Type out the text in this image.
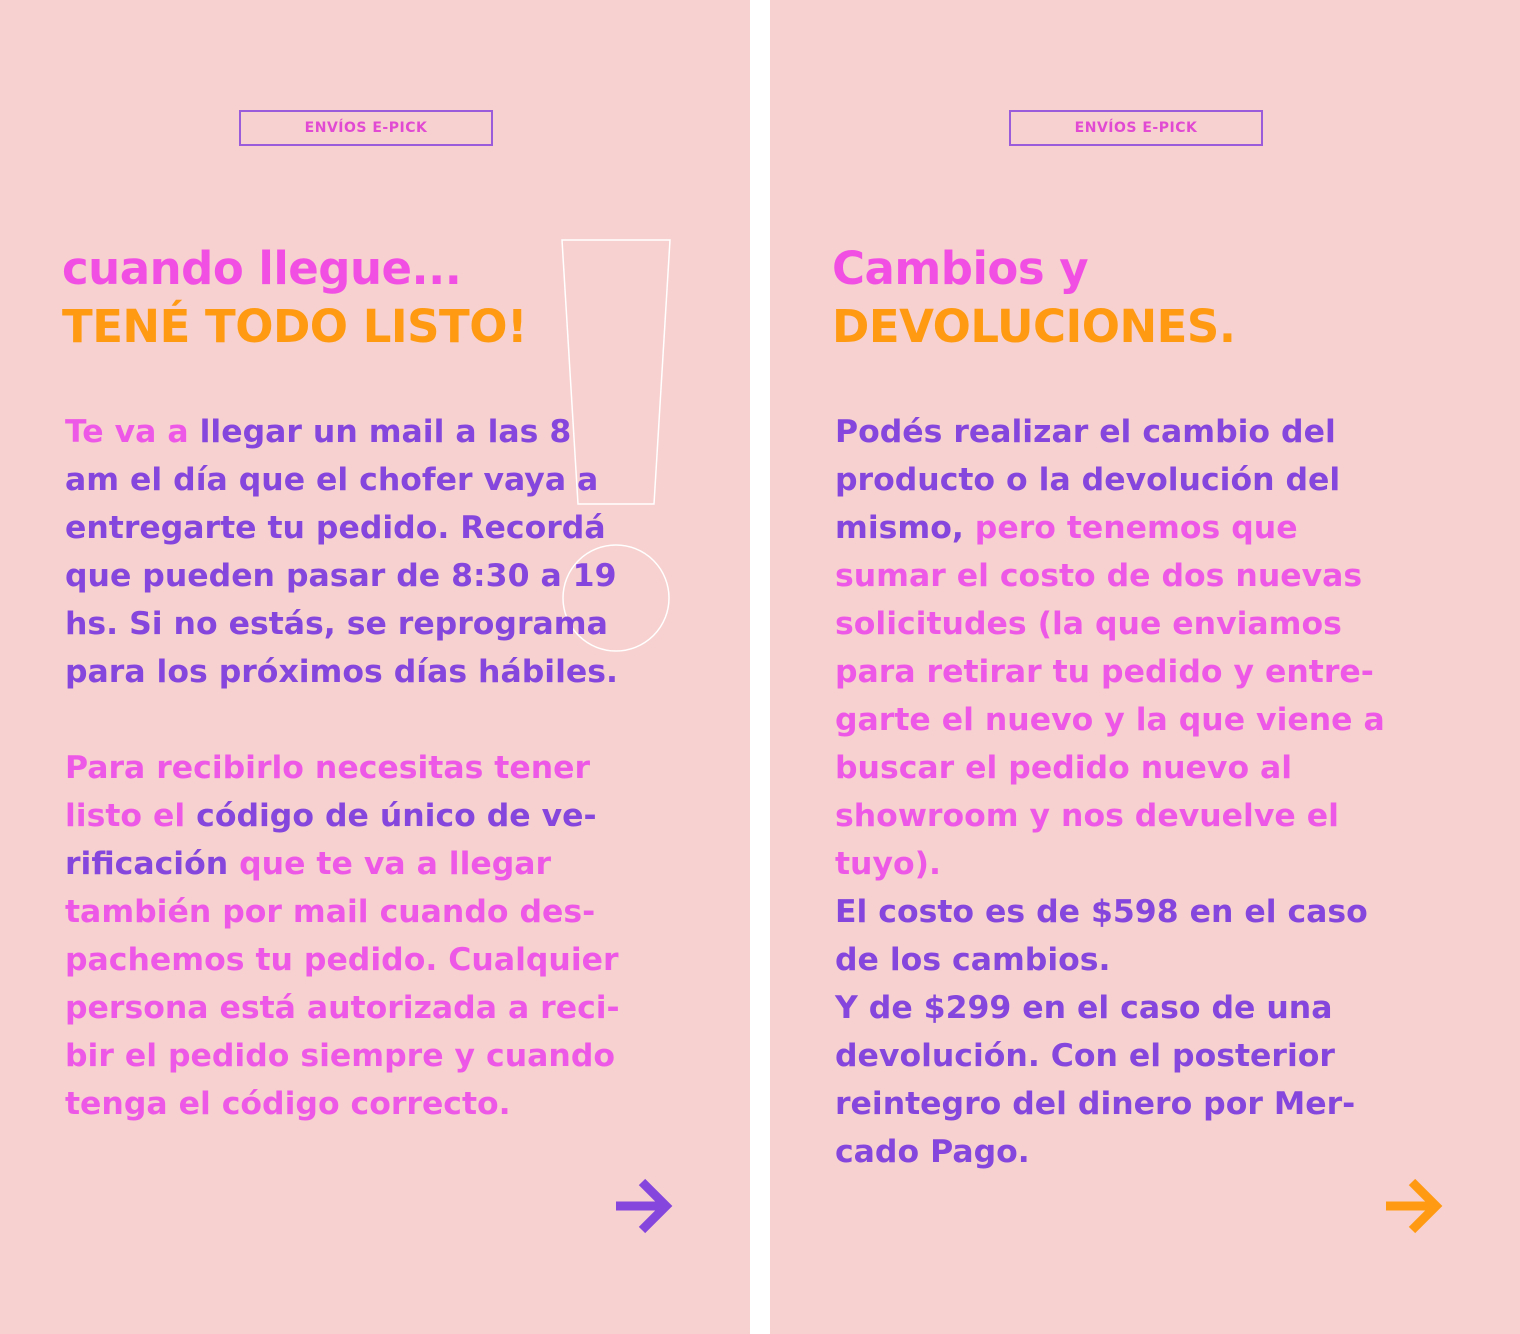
ENVÍOS E-PICK
cuando llegue...
TENÉ TODO LISTO!

Te va a llegar un mail a las 8
am el día que el chofer vaya a
entregarte tu pedido. Recordá
que pueden pasar de 8:30 a 19
hs. Si no estás, se reprograma
para los próximos días hábiles.

Para recibirlo necesitas tener
listo el código de único de ve-
rificación que te va a llegar
también por mail cuando des-
pachemos tu pedido. Cualquier
persona está autorizada a reci-
bir el pedido siempre y cuando
tenga el código correcto.

ENVÍOS E-PICK
Cambios y
DEVOLUCIONES.

Podés realizar el cambio del
producto o la devolución del
mismo, pero tenemos que
sumar el costo de dos nuevas
solicitudes (la que enviamos
para retirar tu pedido y entre-
garte el nuevo y la que viene a
buscar el pedido nuevo al
showroom y nos devuelve el
tuyo).
El costo es de $598 en el caso
de los cambios.
Y de $299 en el caso de una
devolución. Con el posterior
reintegro del dinero por Mer-
cado Pago.
